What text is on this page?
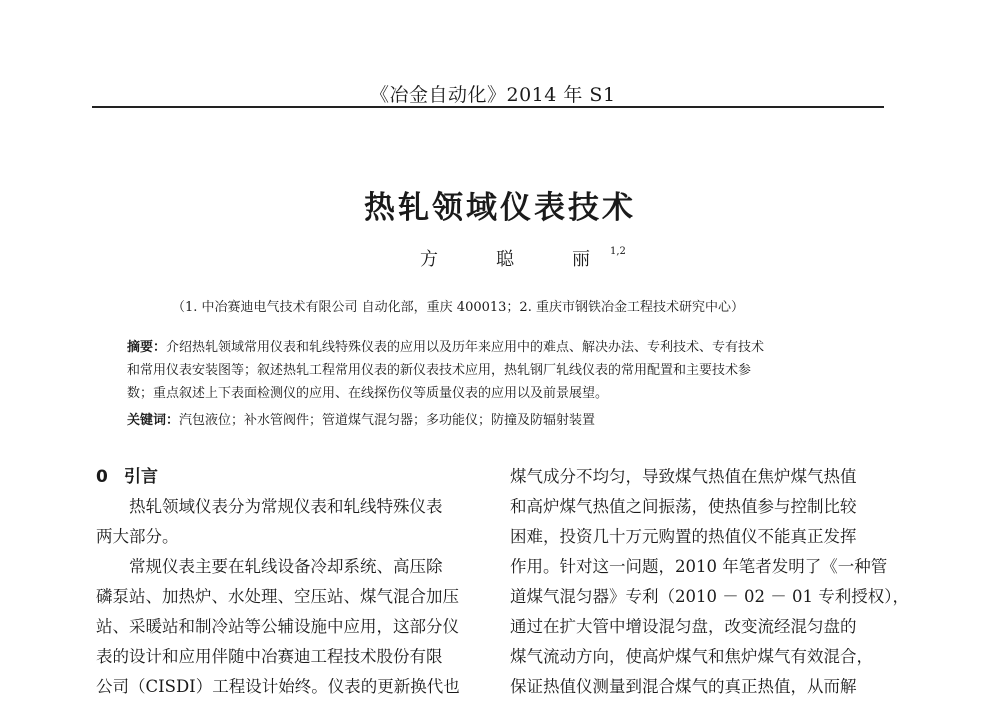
《冶金自动化》2014 年 S1
热轧领域仪表技术
方　聪　丽$^{1,2}$
（1. 中冶赛迪电气技术有限公司 自动化部，重庆 400013；2. 重庆市钢铁冶金工程技术研究中心）
摘要：介绍热轧领域常用仪表和轧线特殊仪表的应用以及历年来应用中的难点、解决办法、专利技术、专有技术
和常用仪表安装图等；叙述热轧工程常用仪表的新仪表技术应用，热轧钢厂轧线仪表的常用配置和主要技术参
数；重点叙述上下表面检测仪的应用、在线探伤仪等质量仪表的应用以及前景展望。
关键词：汽包液位；补水管阀件；管道煤气混匀器；多功能仪；防撞及防辐射装置
0 引言

热轧领域仪表分为常规仪表和轧线特殊仪表
两大部分。

常规仪表主要在轧线设备冷却系统、高压除
磷泵站、加热炉、水处理、空压站、煤气混合加压
站、采暖站和制冷站等公辅设施中应用，这部分仪
表的设计和应用伴随中冶赛迪工程技术股份有限
公司（CISDI）工程设计始终。仪表的更新换代也

煤气成分不均匀，导致煤气热值在焦炉煤气热值
和高炉煤气热值之间振荡，使热值参与控制比较
困难，投资几十万元购置的热值仪不能真正发挥
作用。针对这一问题，2010 年笔者发明了《一种管
道煤气混匀器》专利（2010 － 02 － 01 专利授权），
通过在扩大管中增设混匀盘，改变流经混匀盘的
煤气流动方向，使高炉煤气和焦炉煤气有效混合，
保证热值仪测量到混合煤气的真正热值，从而解
